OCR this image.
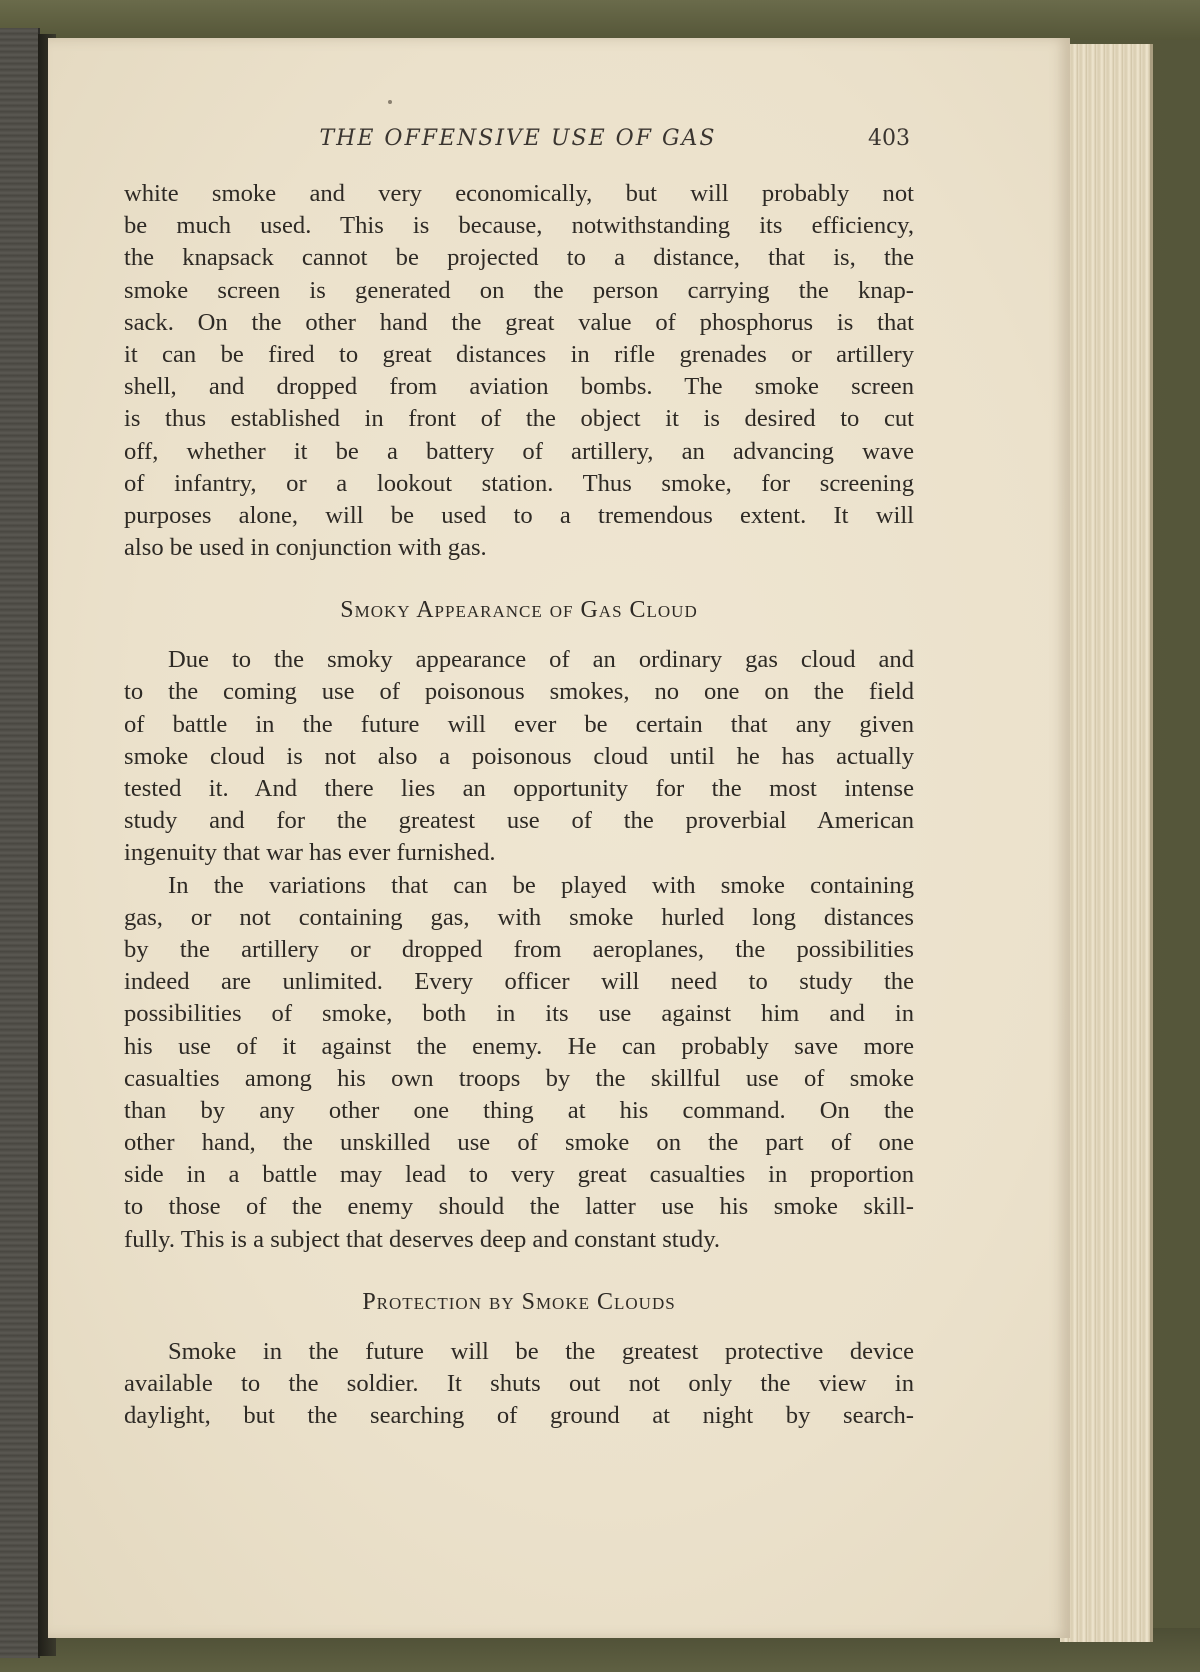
THE OFFENSIVE USE OF GAS	403
white smoke and very economically, but will probably not
be much used. This is because, notwithstanding its efficiency,
the knapsack cannot be projected to a distance, that is, the
smoke screen is generated on the person carrying the knap-
sack. On the other hand the great value of phosphorus is that
it can be fired to great distances in rifle grenades or artillery
shell, and dropped from aviation bombs. The smoke screen
is thus established in front of the object it is desired to cut
off, whether it be a battery of artillery, an advancing wave
of infantry, or a lookout station. Thus smoke, for screening
purposes alone, will be used to a tremendous extent. It will
also be used in conjunction with gas.
Smoky Appearance of Gas Cloud
Due to the smoky appearance of an ordinary gas cloud and
to the coming use of poisonous smokes, no one on the field
of battle in the future will ever be certain that any given
smoke cloud is not also a poisonous cloud until he has actually
tested it. And there lies an opportunity for the most intense
study and for the greatest use of the proverbial American
ingenuity that war has ever furnished.
In the variations that can be played with smoke containing
gas, or not containing gas, with smoke hurled long distances
by the artillery or dropped from aeroplanes, the possibilities
indeed are unlimited. Every officer will need to study the
possibilities of smoke, both in its use against him and in
his use of it against the enemy. He can probably save more
casualties among his own troops by the skillful use of smoke
than by any other one thing at his command. On the
other hand, the unskilled use of smoke on the part of one
side in a battle may lead to very great casualties in proportion
to those of the enemy should the latter use his smoke skill-
fully. This is a subject that deserves deep and constant study.
Protection by Smoke Clouds
Smoke in the future will be the greatest protective device
available to the soldier. It shuts out not only the view in
daylight, but the searching of ground at night by search-
